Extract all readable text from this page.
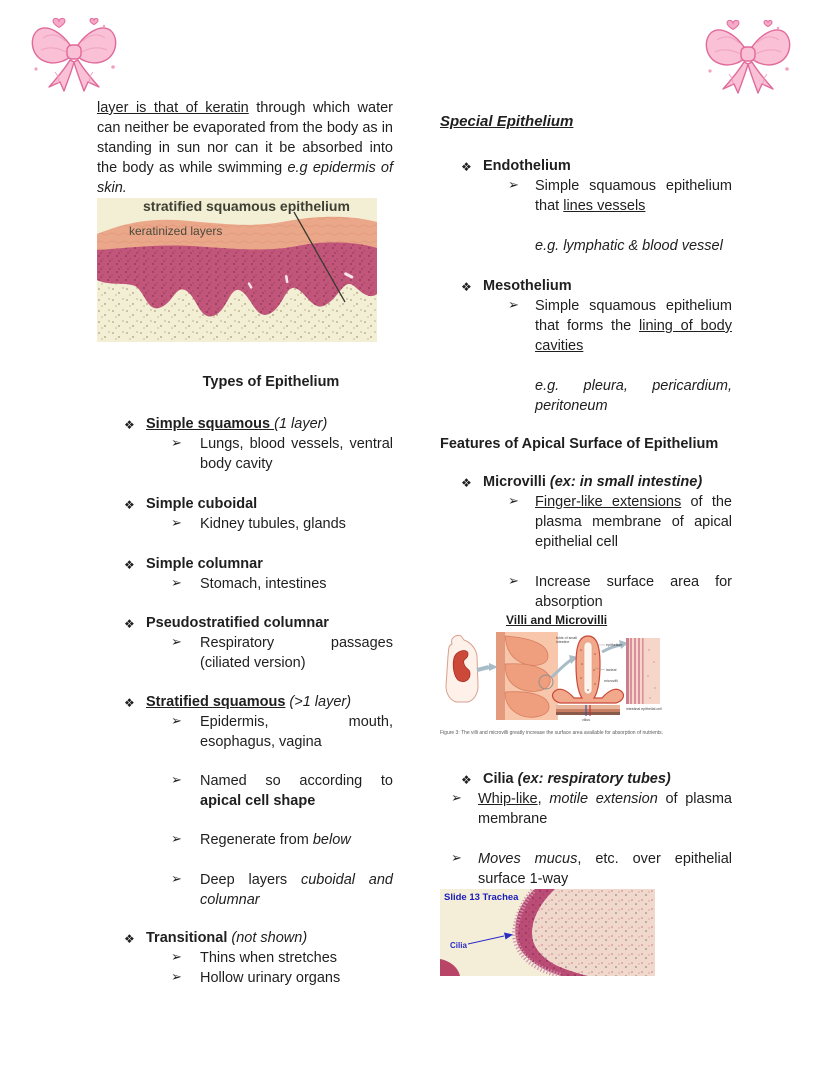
layer is that of keratin through which water can neither be evaporated from the body as in standing in sun nor can it be absorbed into the body as while swimming e.g epidermis of skin.

stratified squamous epithelium
keratinized layers
Types of Epithelium
❖ Simple squamous (1 layer)
➢ Lungs, blood vessels, ventral body cavity
❖ Simple cuboidal
➢ Kidney tubules, glands
❖ Simple columnar
➢ Stomach, intestines
❖ Pseudostratified columnar
➢ Respiratory passages (ciliated version)
❖ Stratified squamous (>1 layer)
➢ Epidermis, mouth, esophagus, vagina
➢ Named so according to apical cell shape
➢ Regenerate from below
➢ Deep layers cuboidal and columnar
❖ Transitional (not shown)
➢ Thins when stretches
➢ Hollow urinary organs
Special Epithelium
❖ Endothelium
➢ Simple squamous epithelium that lines vessels
e.g. lymphatic & blood vessel
❖ Mesothelium
➢ Simple squamous epithelium that forms the lining of body cavities
e.g. pleura, pericardium, peritoneum
Features of Apical Surface of Epithelium
❖ Microvilli (ex: in small intestine)
➢ Finger-like extensions of the plasma membrane of apical epithelial cell
➢ Increase surface area for absorption
Villi and Microvilli
folds of small
intestine
epithelium
lacteal
microvilli
villus
intestinal epithelial cell
Figure 3: The villi and microvilli greatly increase the surface area available for absorption of nutrients.
❖ Cilia (ex: respiratory tubes)
➢ Whip-like, motile extension of plasma membrane
➢ Moves mucus, etc. over epithelial surface 1-way
Slide 13 Trachea
Cilia
